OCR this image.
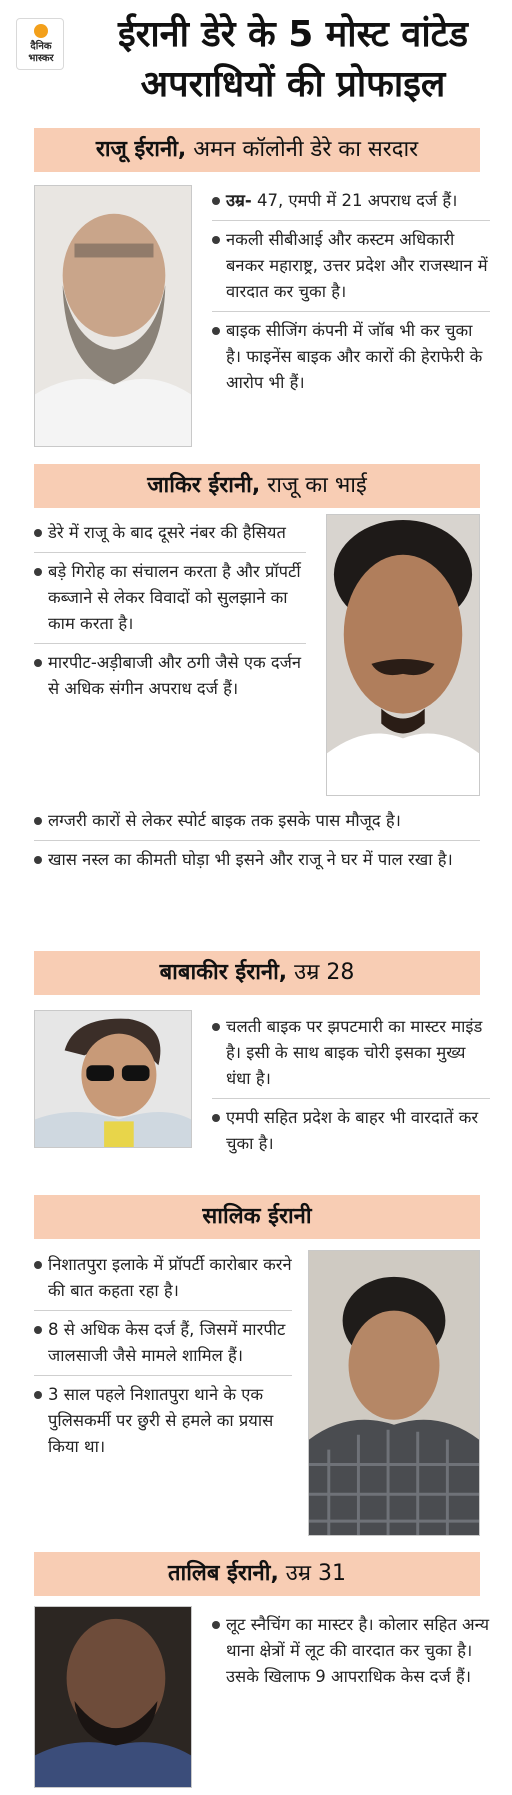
दैनिक
भास्कर
ईरानी डेरे के 5 मोस्ट वांटेड
अपराधियों की प्रोफाइल
राजू ईरानी, अमन कॉलोनी डेरे का सरदार
उम्र- 47, एमपी में 21 अपराध दर्ज हैं।
नकली सीबीआई और कस्टम अधिकारी बनकर महाराष्ट्र, उत्तर प्रदेश और राजस्थान में वारदात कर चुका है।
बाइक सीजिंग कंपनी में जॉब भी कर चुका है। फाइनेंस बाइक और कारों की हेराफेरी के आरोप भी हैं।
जाकिर ईरानी, राजू का भाई
डेरे में राजू के बाद दूसरे नंबर की हैसियत
बड़े गिरोह का संचालन करता है और प्रॉपर्टी कब्जाने से लेकर विवादों को सुलझाने का काम करता है।
मारपीट-अड़ीबाजी और ठगी जैसे एक दर्जन से अधिक संगीन अपराध दर्ज हैं।
लग्जरी कारों से लेकर स्पोर्ट बाइक तक इसके पास मौजूद है।
खास नस्ल का कीमती घोड़ा भी इसने और राजू ने घर में पाल रखा है।
बाबाकीर ईरानी, उम्र 28
चलती बाइक पर झपटमारी का मास्टर माइंड है। इसी के साथ बाइक चोरी इसका मुख्य धंधा है।
एमपी सहित प्रदेश के बाहर भी वारदातें कर चुका है।
सालिक ईरानी
निशातपुरा इलाके में प्रॉपर्टी कारोबार करने की बात कहता रहा है।
8 से अधिक केस दर्ज हैं, जिसमें मारपीट जालसाजी जैसे मामले शामिल हैं।
3 साल पहले निशातपुरा थाने के एक पुलिसकर्मी पर छुरी से हमले का प्रयास किया था।
तालिब ईरानी, उम्र 31
लूट स्नैचिंग का मास्टर है। कोलार सहित अन्य थाना क्षेत्रों में लूट की वारदात कर चुका है। उसके खिलाफ 9 आपराधिक केस दर्ज हैं।
